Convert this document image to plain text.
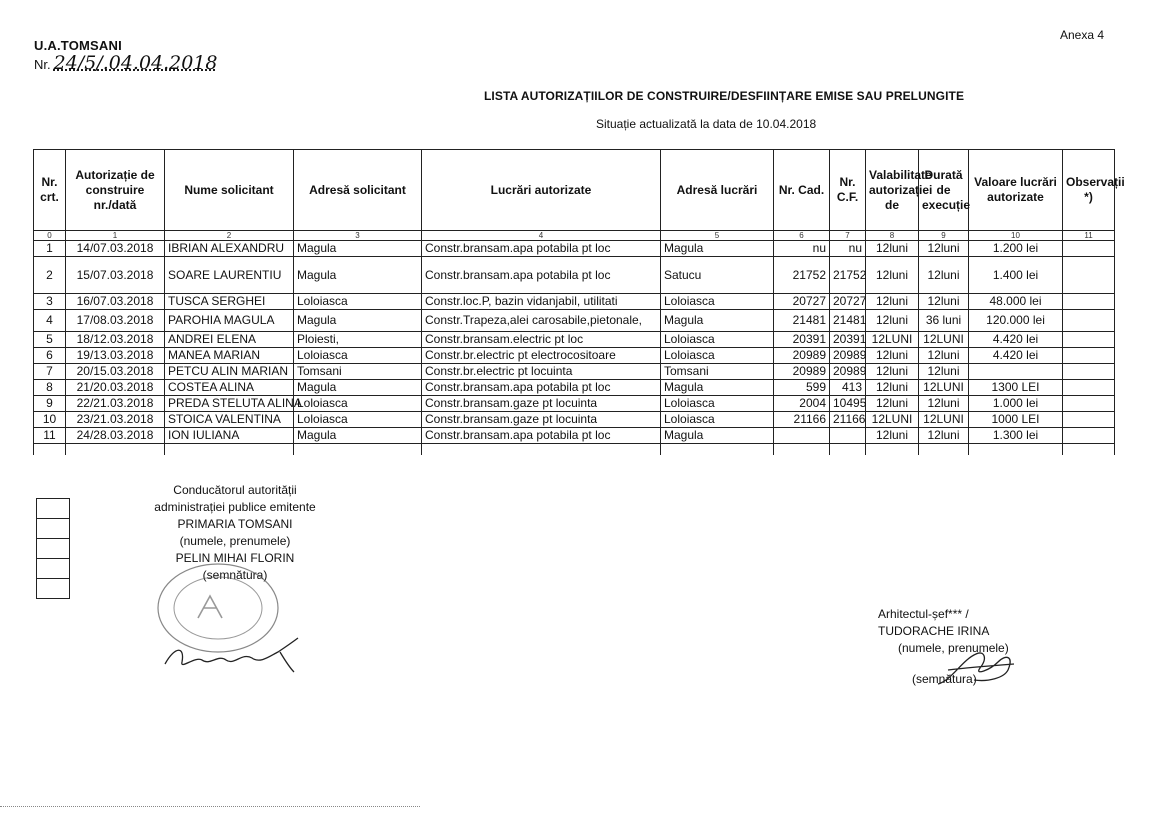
U.A.TOMSANI
Nr. 24/5/.04.04.2018
Anexa 4
LISTA AUTORIZAȚIILOR DE CONSTRUIRE/DESFIINȚARE EMISE SAU PRELUNGITE
Situație actualizată la data de 10.04.2018
Nr. crt.	Autorizație de construire nr./dată	Nume solicitant	Adresă solicitant	Lucrări autorizate	Adresă lucrări	Nr. Cad.	Nr. C.F.	Valabilitate autorizației de	Durată de execuție	Valoare lucrări autorizate	Observații *)
0	1	2	3	4	5	6	7	8	9	10	11
1	14/07.03.2018	IBRIAN ALEXANDRU	Magula	Constr.bransam.apa potabila pt loc	Magula	nu	nu	12luni	12luni	1.200 lei	
2	15/07.03.2018	SOARE LAURENTIU	Magula	Constr.bransam.apa potabila pt loc	Satucu	21752	21752	12luni	12luni	1.400 lei	
3	16/07.03.2018	TUSCA SERGHEI	Loloiasca	Constr.loc.P, bazin vidanjabil, utilitati	Loloiasca	20727	20727	12luni	12luni	48.000 lei	
4	17/08.03.2018	PAROHIA MAGULA	Magula	Constr.Trapeza,alei carosabile,pietonale,	Magula	21481	21481	12luni	36 luni	120.000 lei	
5	18/12.03.2018	ANDREI ELENA	Ploiesti,	Constr.bransam.electric pt loc	Loloiasca	20391	20391	12LUNI	12LUNI	4.420 lei	
6	19/13.03.2018	MANEA MARIAN	Loloiasca	Constr.br.electric pt electrocositoare	Loloiasca	20989	20989	12luni	12luni	4.420 lei	
7	20/15.03.2018	PETCU ALIN MARIAN	Tomsani	Constr.br.electric pt locuinta	Tomsani	20989	20989	12luni	12luni		
8	21/20.03.2018	COSTEA ALINA	Magula	Constr.bransam.apa potabila pt loc	Magula	599	413	12luni	12LUNI	1300 LEI	
9	22/21.03.2018	PREDA STELUTA ALINA	Loloiasca	Constr.bransam.gaze pt locuinta	Loloiasca	2004	10495	12luni	12luni	1.000 lei	
10	23/21.03.2018	STOICA VALENTINA	Loloiasca	Constr.bransam.gaze pt locuinta	Loloiasca	21166	21166	12LUNI	12LUNI	1000 LEI	
11	24/28.03.2018	ION IULIANA	Magula	Constr.bransam.apa potabila pt loc	Magula			12luni	12luni	1.300 lei	

Conducătorul autorității
administrației publice emitente
PRIMARIA TOMSANI
(numele, prenumele)
PELIN MIHAI FLORIN
(semnătura)
Arhitectul-șef*** /
TUDORACHE IRINA
(numele, prenumele)
(semnătura)
